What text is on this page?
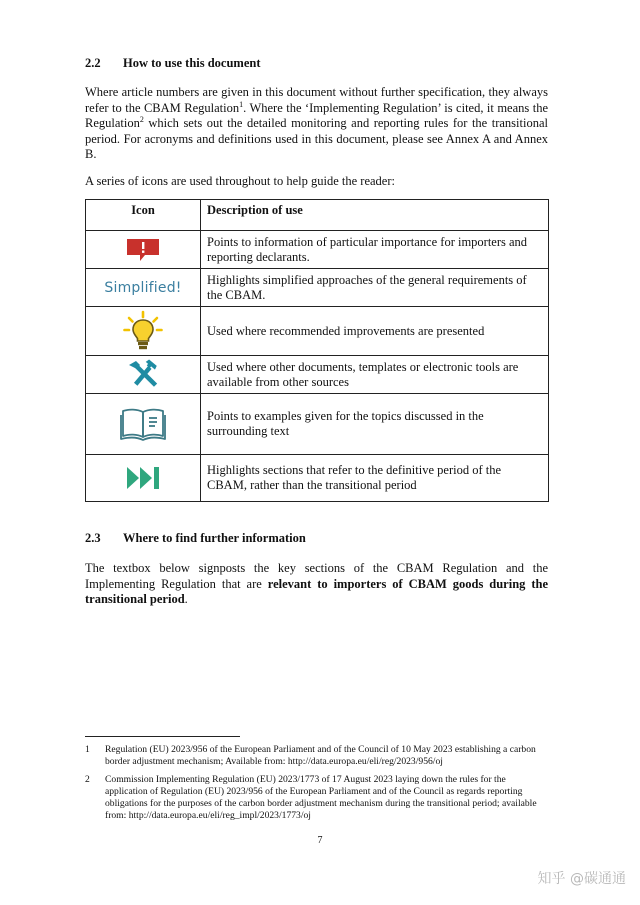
2.2 How to use this document
Where article numbers are given in this document without further specification, they always refer to the CBAM Regulation$^1$. Where the ‘Implementing Regulation’ is cited, it means the Regulation$^2$ which sets out the detailed monitoring and reporting rules for the transitional period. For acronyms and definitions used in this document, please see Annex A and Annex B.
A series of icons are used throughout to help guide the reader:
Icon	Description of use
	Points to information of particular importance for importers and reporting declarants.
Simplified!	Highlights simplified approaches of the general requirements of the CBAM.
	Used where recommended improvements are presented
	Used where other documents, templates or electronic tools are available from other sources
	Points to examples given for the topics discussed in the surrounding text
	Highlights sections that refer to the definitive period of the CBAM, rather than the transitional period
2.3 Where to find further information
The textbox below signposts the key sections of the CBAM Regulation and the Implementing Regulation that are relevant to importers of CBAM goods during the transitional period.
1 Regulation (EU) 2023/956 of the European Parliament and of the Council of 10 May 2023 establishing a carbon border adjustment mechanism; Available from: http://data.europa.eu/eli/reg/2023/956/oj
2 Commission Implementing Regulation (EU) 2023/1773 of 17 August 2023 laying down the rules for the application of Regulation (EU) 2023/956 of the European Parliament and of the Council as regards reporting obligations for the purposes of the carbon border adjustment mechanism during the transitional period; available from: http://data.europa.eu/eli/reg_impl/2023/1773/oj
7
知乎 @碳通通
